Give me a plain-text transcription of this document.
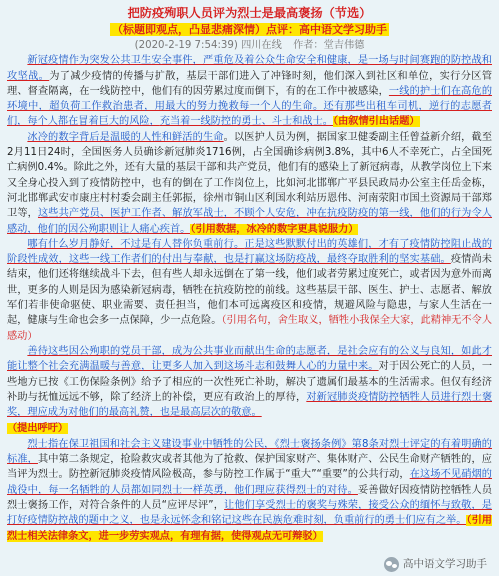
把防疫殉职人员评为烈士是最高褒扬（节选）
（标题即观点，凸显悲痛深情）点评：高中语文学习助手
(2020-2-19 7:54:39) 四川在线 作者：堂吉伟德

新冠疫情作为突发公共卫生安全事件，严重危及着公众生命安全和健康，是一场与时间赛跑的防控战和攻坚战。为了减少疫情的传播与扩散，基层干部们进入了冲锋时刻，他们深入到社区和单位，实行分区管理、督查隔离，在一线防控中，他们有的因劳累过度而倒下，有的在工作中被感染，一线的护士们在高危的环境中，超负荷工作救治患者，用最大的努力挽救每一个人的生命。还有那些出租车司机，逆行的志愿者们，每个人都在冒着巨大的风险，充当着一线防控的勇士、斗士和战士。（由叙情引出话题）

冰冷的数字背后是温暖的人性和鲜活的生命。以医护人员为例，据国家卫健委副主任曾益新介绍，截至2月11日24时，全国医务人员确诊新冠肺炎1716例，占全国确诊病例3.8%，其中6人不幸死亡，占全国死亡病例0.4%。除此之外，还有大量的基层干部和共产党员，他们有的感染上了新冠病毒，从教学岗位上下来又全身心投入到了疫情防控中，也有的倒在了工作岗位上，比如河北邯郸广平县民政局办公室主任岳金栋，河北邯郸武安市康庄村村委会副主任郭振，徐州市铜山区利国水利站历恩伟、河南荥阳市国土资源局干部郑卫等，这些共产党员、医护工作者、解放军战士，不顾个人安危，冲在抗疫防疫的第一线，他们的行为令人感动，他们的因公殉职则让人痛心疾首。（引用数据，冰冷的数字更具说服力）

哪有什么岁月静好，不过是有人替你负重前行。正是这些默默付出的英雄们，才有了疫情防控阻止战的阶段性成效，这些一线工作者们的付出与奉献，也是打赢这场防疫战，最终夺取胜利的坚实基础。疫情尚未结束，他们还将继续战斗下去，但有些人却永远倒在了第一线，他们或者劳累过度死亡，或者因为意外而离世，更多的人则是因为感染新冠病毒，牺牲在抗疫防控的前线。这些基层干部、医生、护士、志愿者、解放军们若非使命驱使、职业需要、责任担当，他们本可远离疫区和疫情，规避风险与隐患，与家人生活在一起，健康与生命也会多一点保障，少一点危险。（引用名句，舍生取义，牺牲小我保全大家，此精神无不令人感动）

善待这些因公殉职的党员干部，成为公共事业而献出生命的志愿者，是社会应有的公义与良知，如此才能让整个社会充满温暖与善意，让更多人加入到这场斗志和鼓舞人心的力量中来。对于因公死亡的人员，一些地方已按《工伤保险条例》给予了相应的一次性死亡补助，解决了遗属们最基本的生活需求。但仅有经济补助与抚恤远远不够，除了经济上的补偿，更应有政治上的厚待，对新冠肺炎疫情防控牺牲人员进行烈士褒奖，理应成为对他们的最高礼赞，也是最高层次的敬意。

（提出呼吁）

烈士指在保卫祖国和社会主义建设事业中牺牲的公民，《烈士褒扬条例》第8条对烈士评定的有着明确的标准，其中第二条规定，抢险救灾或者其他为了抢救、保护国家财产、集体财产、公民生命财产牺牲的，应当评为烈士。防控新冠肺炎疫情风险极高，参与防控工作属于“重大”“重要”的公共行动，在这场不见硝烟的战役中，每一名牺牲的人员都如同烈士一样英勇，他们理应获得烈士的对待。妥善做好因疫情防控牺牲人员烈士褒扬工作，对符合条件的人员“应评尽评”，让他们享受烈士的褒奖与殊荣，接受公众的缅怀与致敬，是打好疫情防控战的题中之义，也是永远怀念和铭记这些在民族危难时刻，负重前行的勇士们应有之举。（引用烈士相关法律条文，进一步劳实观点，有理有据，使得观点无可辩驳）

高中语文学习助手
